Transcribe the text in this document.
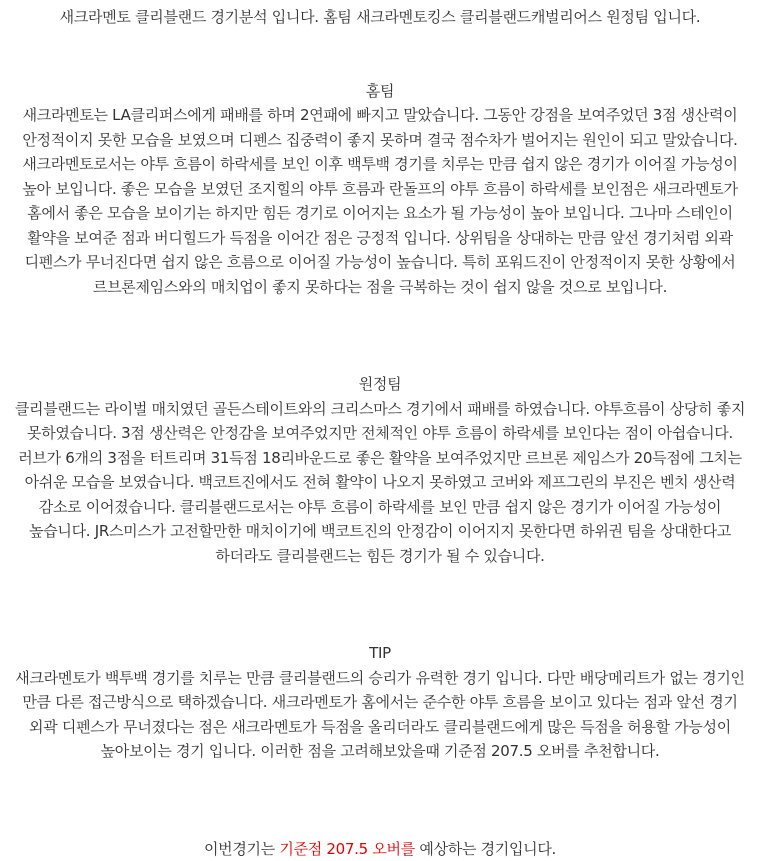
새크라멘토 클리블랜드 경기분석 입니다. 홈팀 새크라멘토킹스 클리블랜드캐벌리어스 원정팀 입니다.

홈팀

새크라멘토는 LA클리퍼스에게 패배를 하며 2연패에 빠지고 말았습니다. 그동안 강점을 보여주었던 3점 생산력이 안정적이지 못한 모습을 보였으며 디펜스 집중력이 좋지 못하며 결국 점수차가 벌어지는 원인이 되고 말았습니다. 새크라멘토로서는 야투 흐름이 하락세를 보인 이후 백투백 경기를 치루는 만큼 쉽지 않은 경기가 이어질 가능성이 높아 보입니다. 좋은 모습을 보였던 조지힐의 야투 흐름과 란돌프의 야투 흐름이 하락세를 보인점은 새크라멘토가 홈에서 좋은 모습을 보이기는 하지만 힘든 경기로 이어지는 요소가 될 가능성이 높아 보입니다. 그나마 스테인이 활약을 보여준 점과 버디힐드가 득점을 이어간 점은 긍정적 입니다. 상위팀을 상대하는 만큼 앞선 경기처럼 외곽 디펜스가 무너진다면 쉽지 않은 흐름으로 이어질 가능성이 높습니다. 특히 포워드진이 안정적이지 못한 상황에서 르브론제임스와의 매치업이 좋지 못하다는 점을 극복하는 것이 쉽지 않을 것으로 보입니다.

원정팀

클리블랜드는 라이벌 매치였던 골든스테이트와의 크리스마스 경기에서 패배를 하였습니다. 야투흐름이 상당히 좋지 못하였습니다. 3점 생산력은 안정감을 보여주었지만 전체적인 야투 흐름이 하락세를 보인다는 점이 아쉽습니다. 러브가 6개의 3점을 터트리며 31득점 18리바운드로 좋은 활약을 보여주었지만 르브론 제임스가 20득점에 그치는 아쉬운 모습을 보였습니다. 백코트진에서도 전혀 활약이 나오지 못하였고 코버와 제프그린의 부진은 벤치 생산력 감소로 이어졌습니다. 클리블랜드로서는 야투 흐름이 하락세를 보인 만큼 쉽지 않은 경기가 이어질 가능성이 높습니다. JR스미스가 고전할만한 매치이기에 백코트진의 안정감이 이어지지 못한다면 하위권 팀을 상대한다고 하더라도 클리블랜드는 힘든 경기가 될 수 있습니다.

TIP

새크라멘토가 백투백 경기를 치루는 만큼 클리블랜드의 승리가 유력한 경기 입니다. 다만 배당메리트가 없는 경기인 만큼 다른 접근방식으로 택하겠습니다. 새크라멘토가 홈에서는 준수한 야투 흐름을 보이고 있다는 점과 앞선 경기 외곽 디펜스가 무너졌다는 점은 새크라멘토가 득점을 올리더라도 클리블랜드에게 많은 득점을 허용할 가능성이 높아보이는 경기 입니다. 이러한 점을 고려해보았을때 기준점 207.5 오버를 추천합니다.

이번경기는 기준점 207.5 오버를 예상하는 경기입니다.
